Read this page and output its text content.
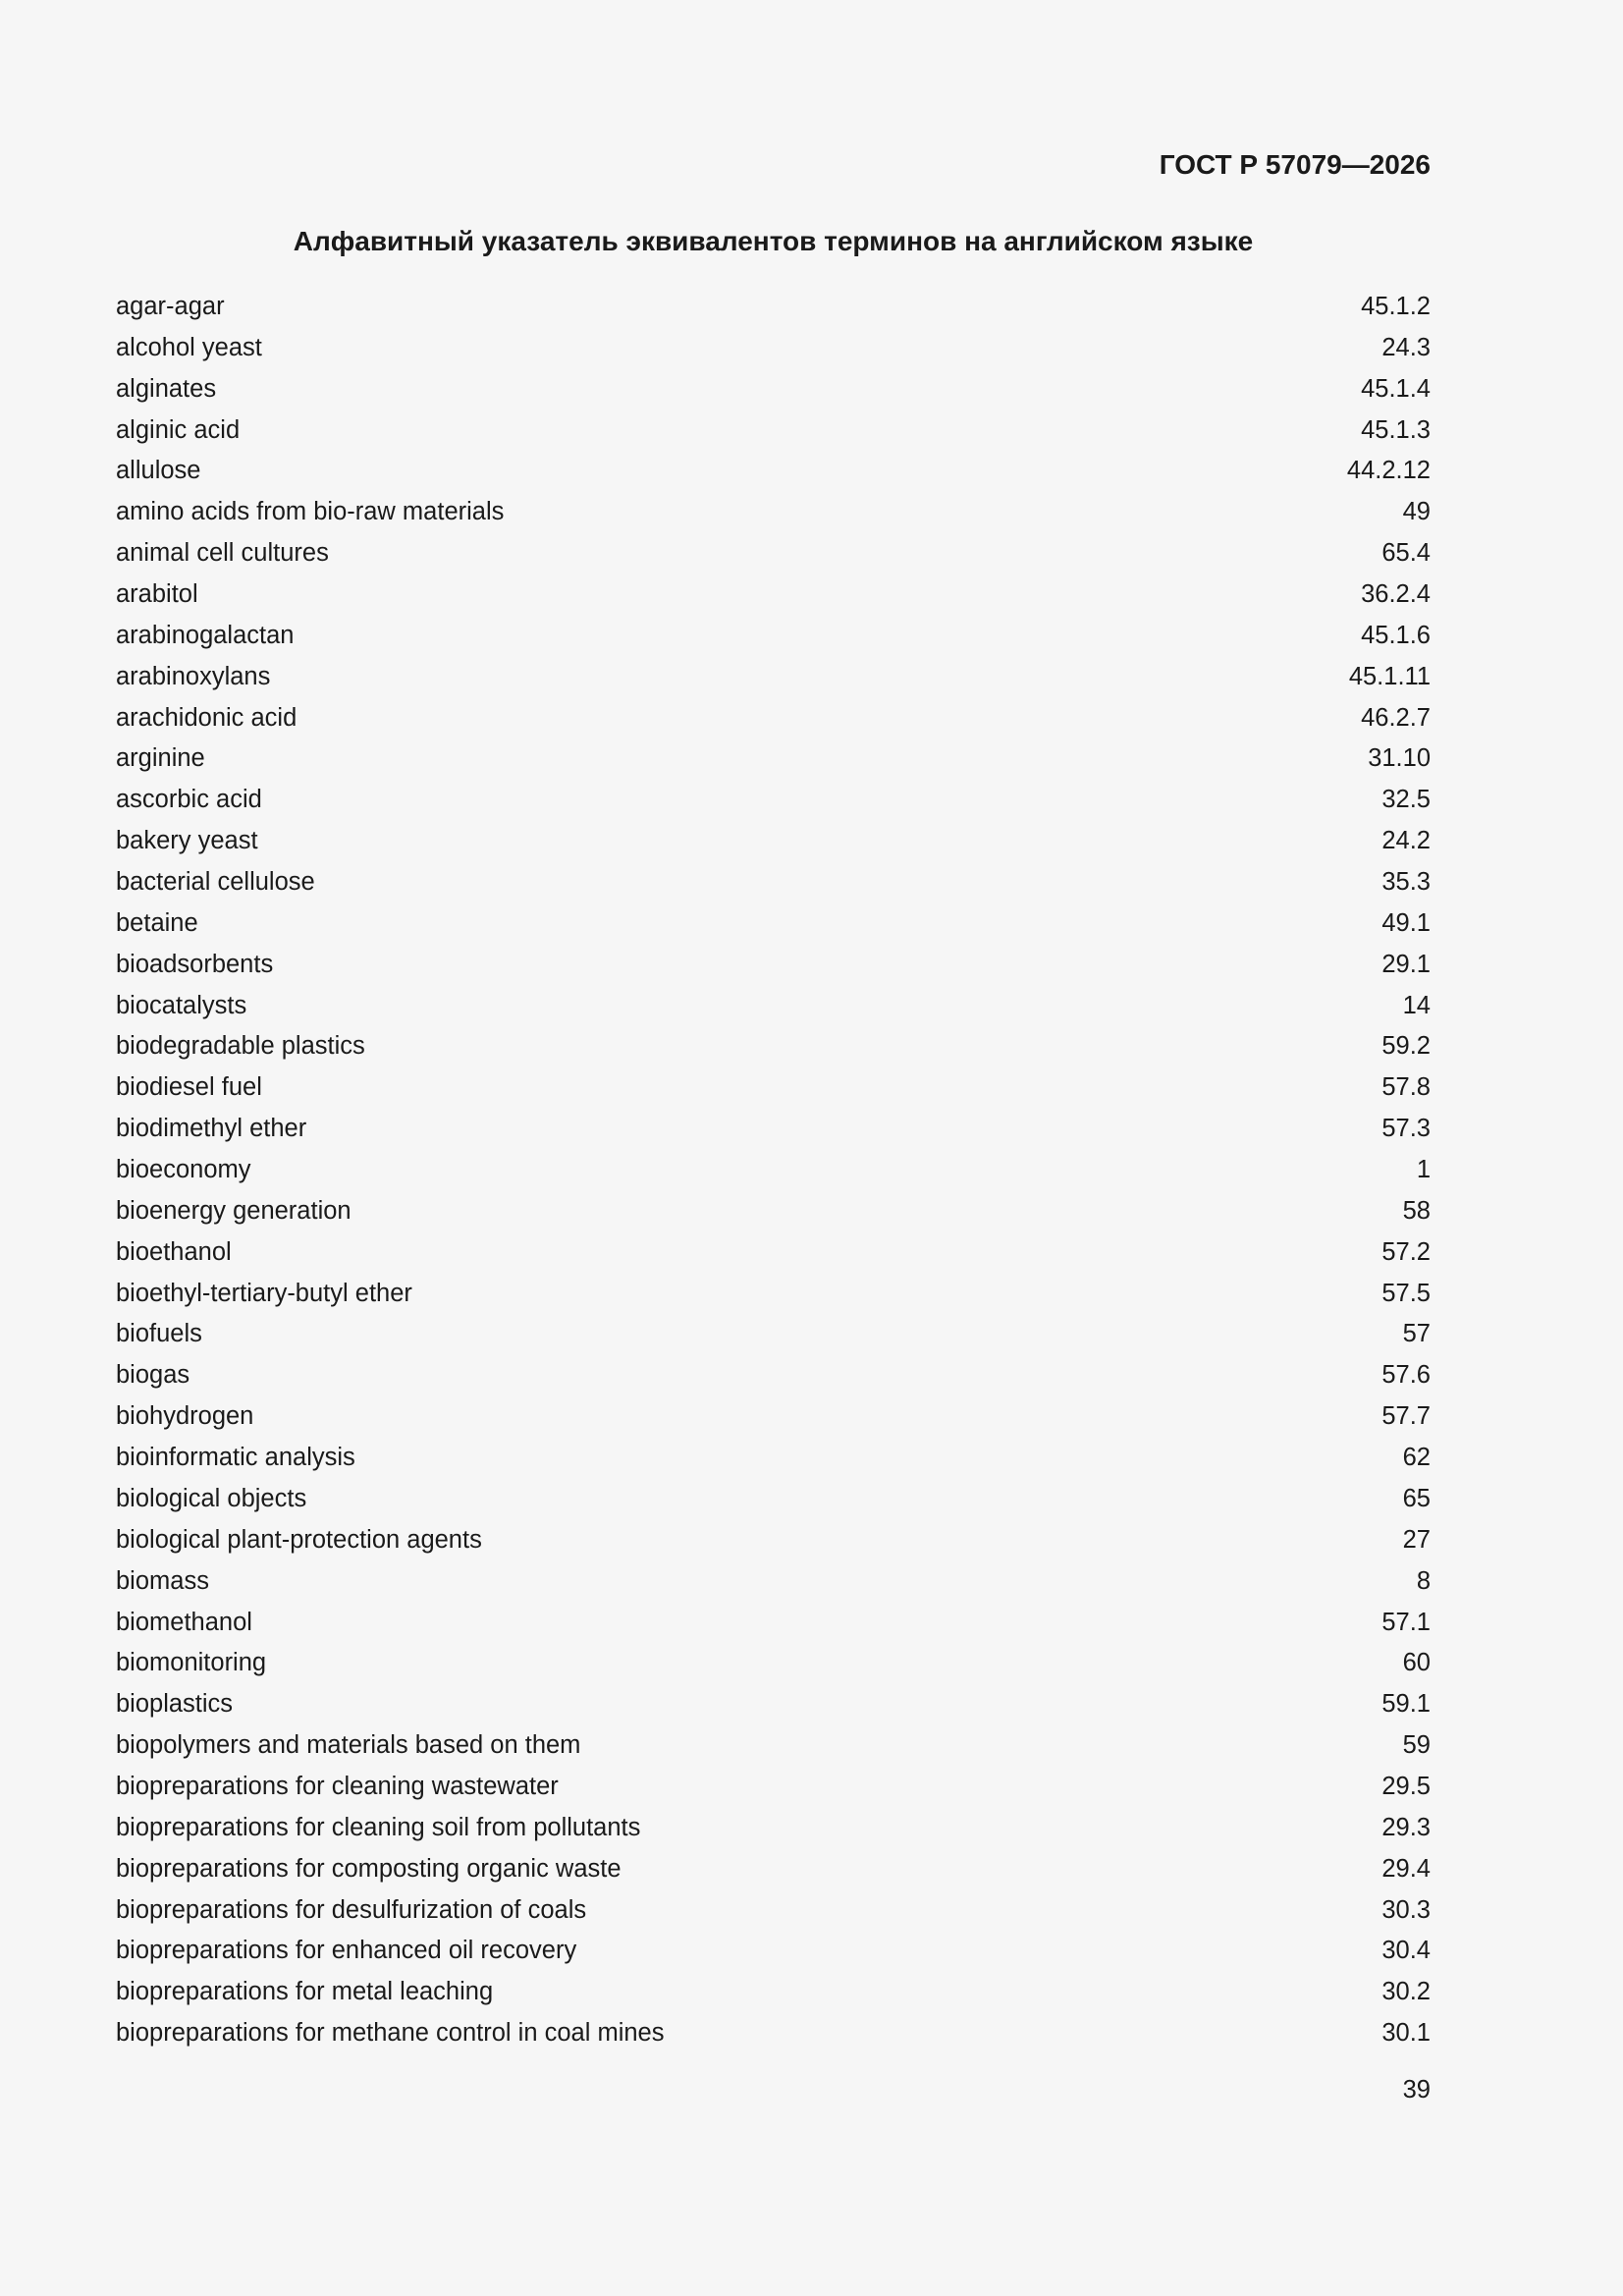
ГОСТ Р 57079—2026
Алфавитный указатель эквивалентов терминов на английском языке
agar-agar	45.1.2
alcohol yeast	24.3
alginates	45.1.4
alginic acid	45.1.3
allulose	44.2.12
amino acids from bio-raw materials	49
animal cell cultures	65.4
arabitol	36.2.4
arabinogalactan	45.1.6
arabinoxylans	45.1.11
arachidonic acid	46.2.7
arginine	31.10
ascorbic acid	32.5
bakery yeast	24.2
bacterial cellulose	35.3
betaine	49.1
bioadsorbents	29.1
biocatalysts	14
biodegradable plastics	59.2
biodiesel fuel	57.8
biodimethyl ether	57.3
bioeconomy	1
bioenergy generation	58
bioethanol	57.2
bioethyl-tertiary-butyl ether	57.5
biofuels	57
biogas	57.6
biohydrogen	57.7
bioinformatic analysis	62
biological objects	65
biological plant-protection agents	27
biomass	8
biomethanol	57.1
biomonitoring	60
bioplastics	59.1
biopolymers and materials based on them	59
biopreparations for cleaning wastewater	29.5
biopreparations for cleaning soil from pollutants	29.3
biopreparations for composting organic waste	29.4
biopreparations for desulfurization of coals	30.3
biopreparations for enhanced oil recovery	30.4
biopreparations for metal leaching	30.2
biopreparations for methane control in coal mines	30.1
39
